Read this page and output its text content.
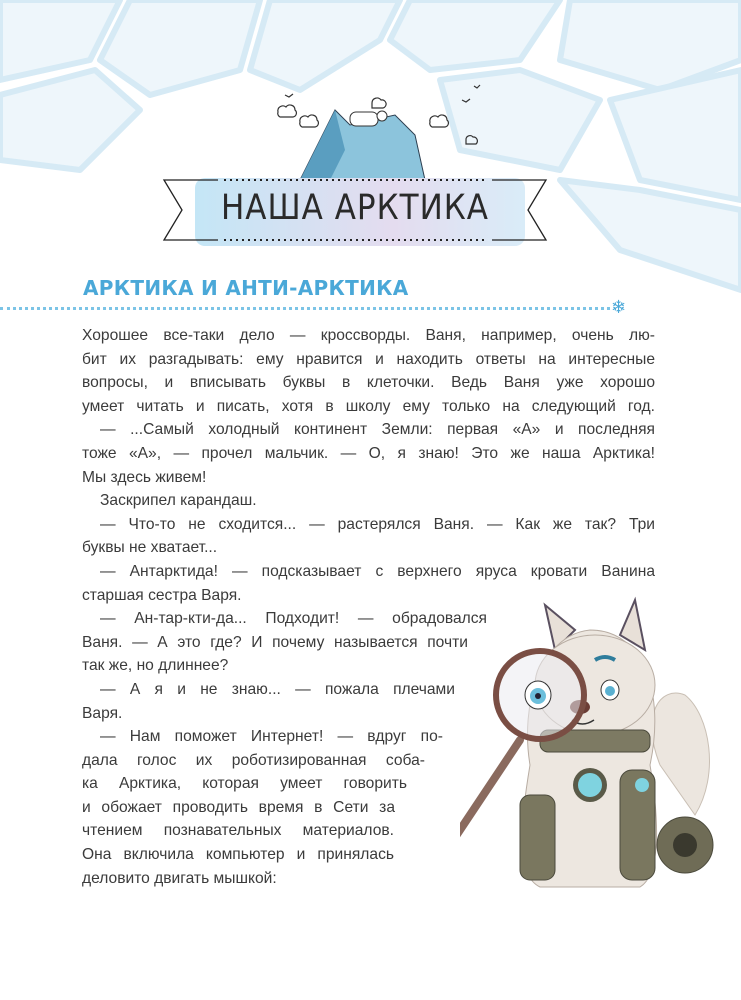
НАША АРКТИКА
АРКТИКА И АНТИ-АРКТИКА
❄
Хорошее все-таки дело — кроссворды. Ваня, например, очень лю-
бит их разгадывать: ему нравится и находить ответы на интересные
вопросы, и вписывать буквы в клеточки. Ведь Ваня уже хорошо
умеет читать и писать, хотя в школу ему только на следующий год.
— ...Самый холодный континент Земли: первая «А» и последняя
тоже «А», — прочел мальчик. — О, я знаю! Это же наша Арктика!
Мы здесь живем!
Заскрипел карандаш.
— Что-то не сходится... — растерялся Ваня. — Как же так? Три
буквы не хватает...
— Антарктида! — подсказывает с верхнего яруса кровати Ванина
старшая сестра Варя.
— Ан-тар-кти-да... Подходит! — обрадовался
Ваня. — А это где? И почему называется почти
так же, но длиннее?
— А я и не знаю... — пожала плечами
Варя.
— Нам поможет Интернет! — вдруг по-
дала голос их роботизированная соба-
ка Арктика, которая умеет говорить
и обожает проводить время в Сети за
чтением познавательных материалов.
Она включила компьютер и принялась
деловито двигать мышкой:
